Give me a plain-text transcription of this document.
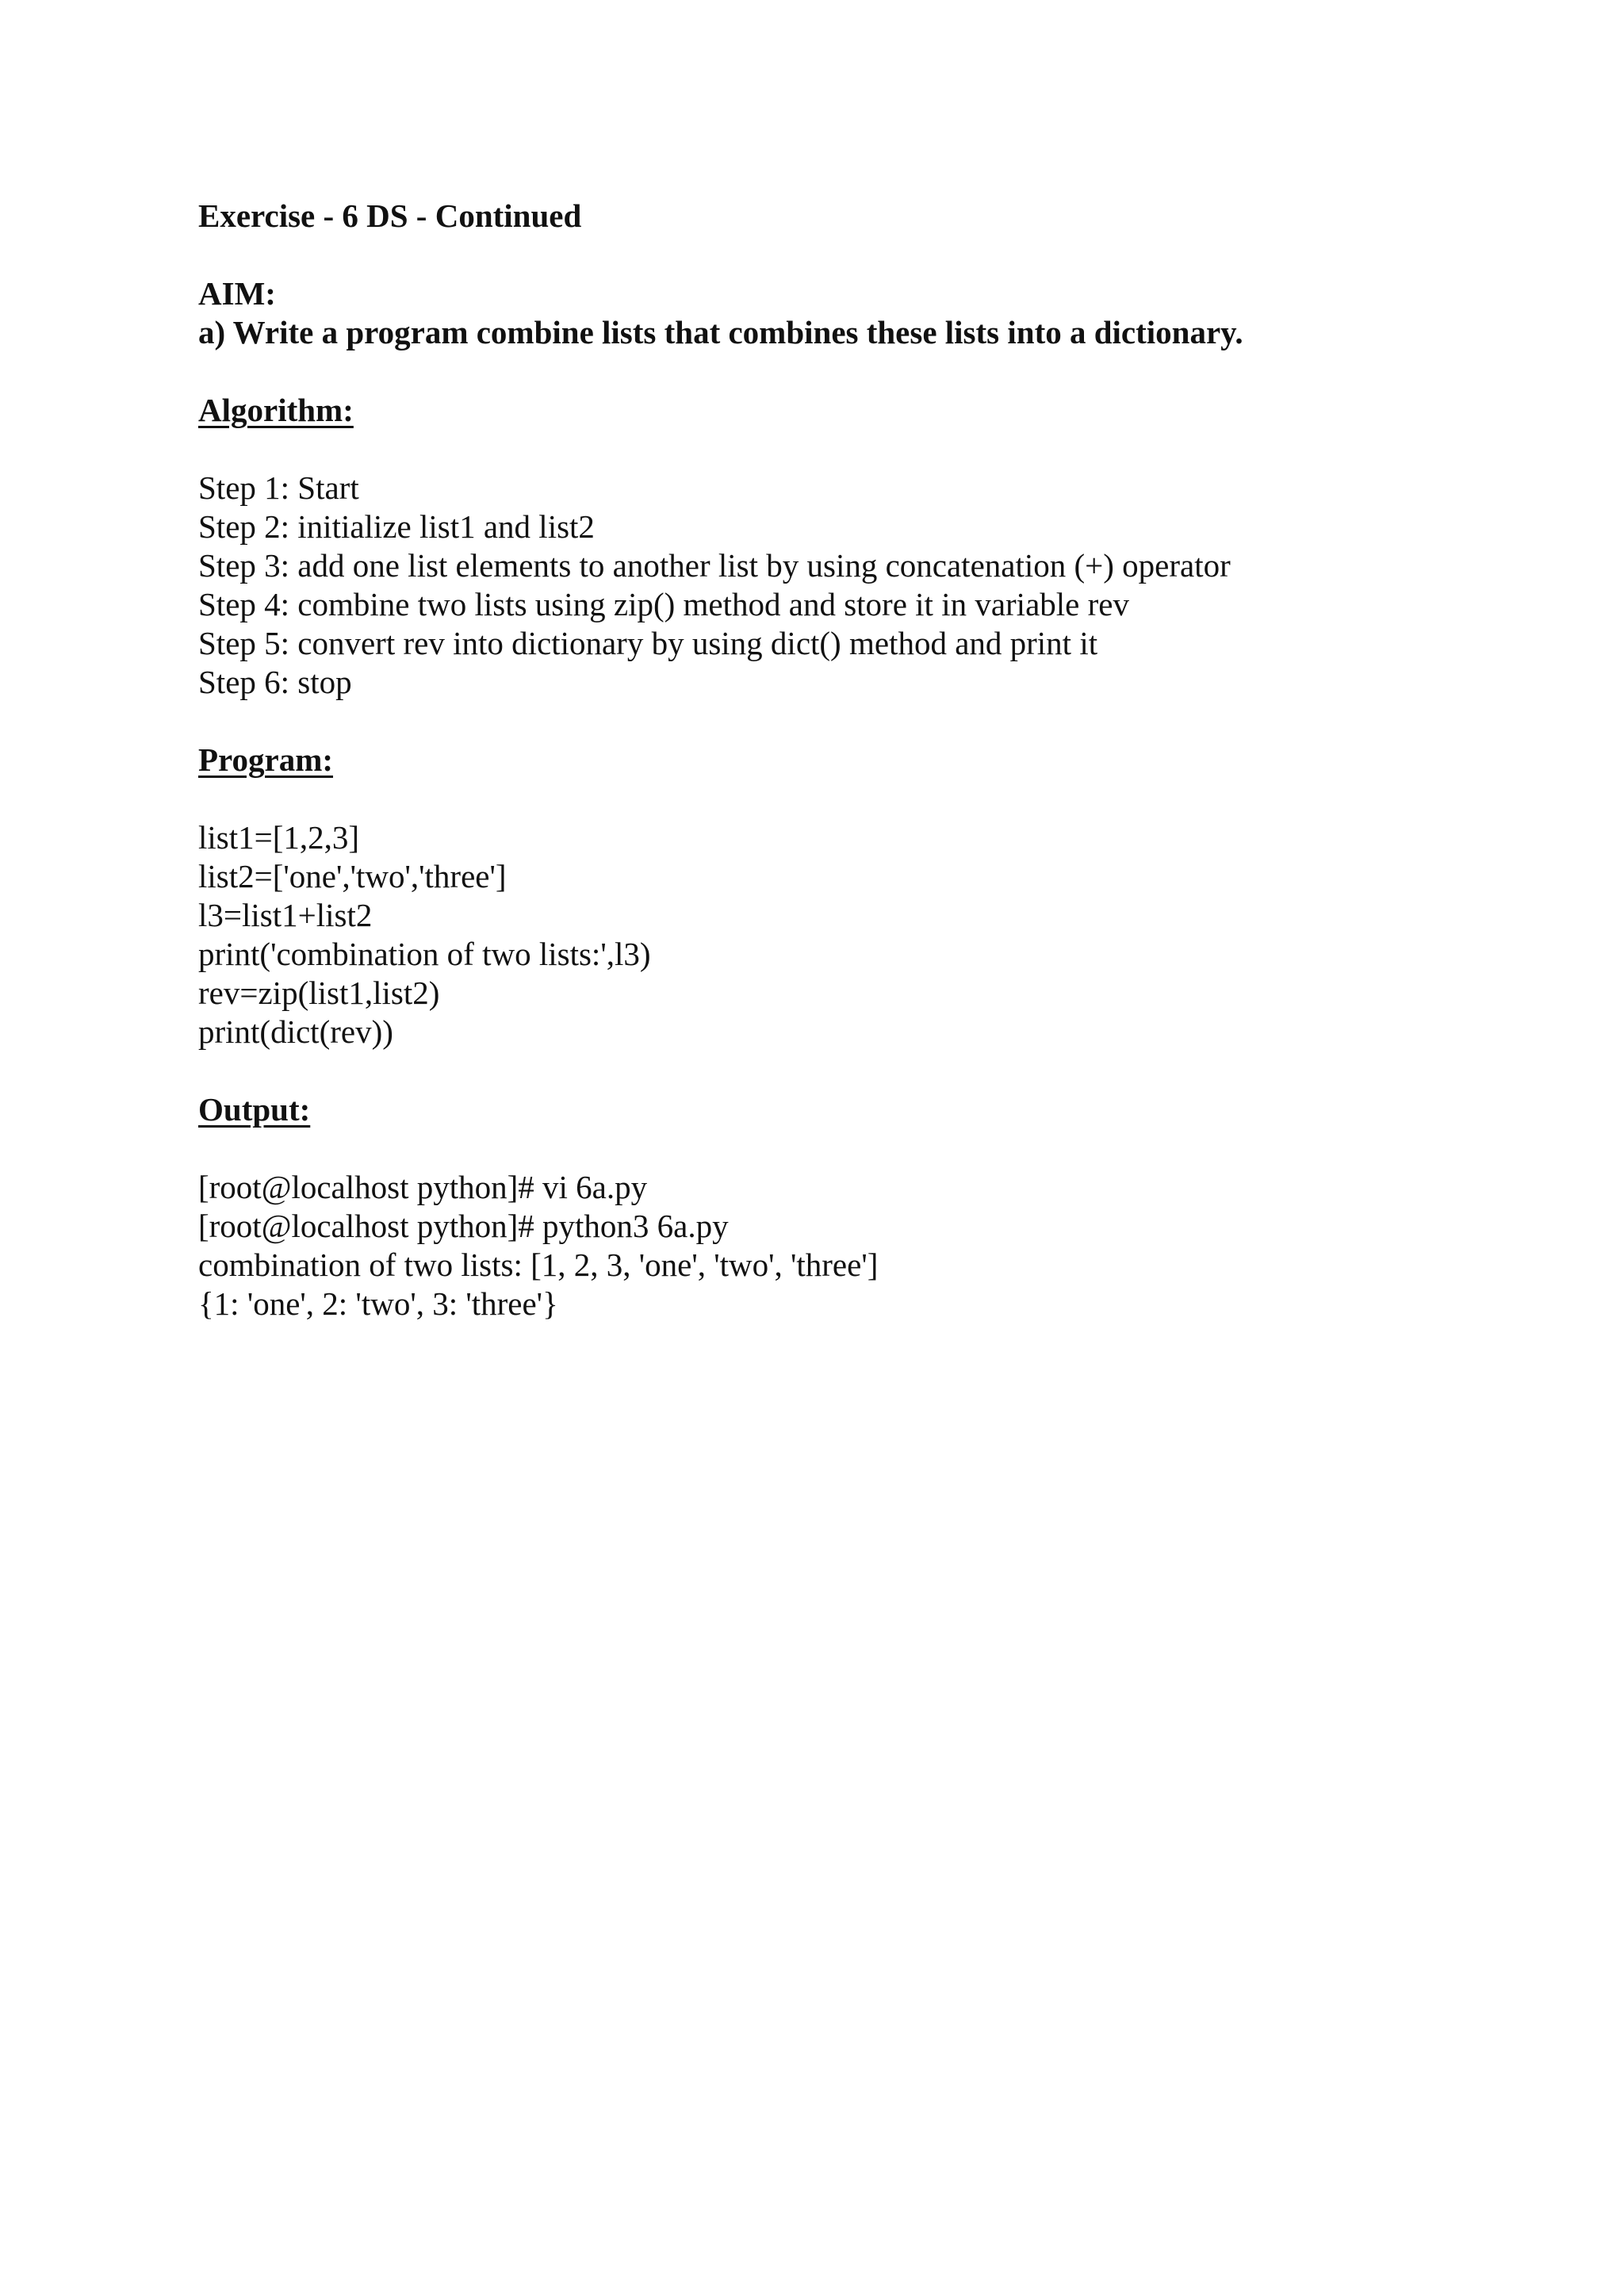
Exercise - 6 DS - Continued

AIM:

a) Write a program combine lists that combines these lists into a dictionary.

Algorithm:

Step 1: Start

Step 2: initialize list1 and list2

Step 3: add one list elements to another list by using concatenation (+) operator

Step 4: combine two lists using zip() method and store it in variable rev

Step 5: convert rev into dictionary by using dict() method and print it

Step 6: stop

Program:

list1=[1,2,3]

list2=['one','two','three']

l3=list1+list2

print('combination of two lists:',l3)

rev=zip(list1,list2)

print(dict(rev))

Output:

[root@localhost python]# vi 6a.py

[root@localhost python]# python3 6a.py

combination of two lists: [1, 2, 3, 'one', 'two', 'three']

{1: 'one', 2: 'two', 3: 'three'}
